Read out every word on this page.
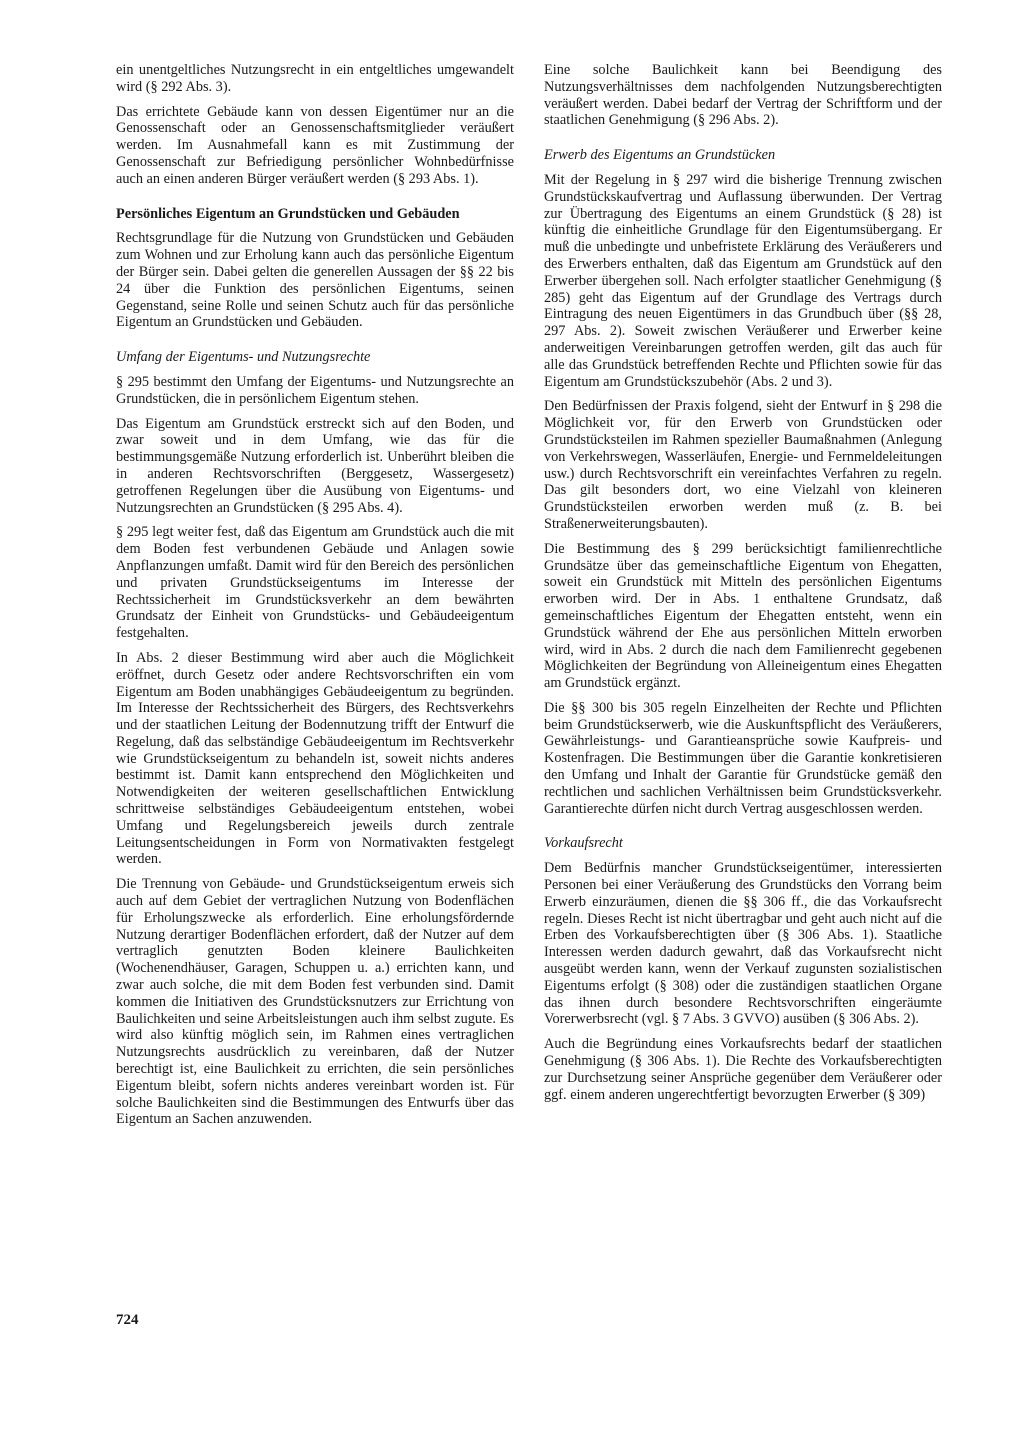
ein unentgeltliches Nutzungsrecht in ein entgeltliches umgewandelt wird (§ 292 Abs. 3).

Das errichtete Gebäude kann von dessen Eigentümer nur an die Genossenschaft oder an Genossenschaftsmitglieder veräußert werden. Im Ausnahmefall kann es mit Zustimmung der Genossenschaft zur Befriedigung persönlicher Wohnbedürfnisse auch an einen anderen Bürger veräußert werden (§ 293 Abs. 1).

Persönliches Eigentum an Grundstücken und Gebäuden

Rechtsgrundlage für die Nutzung von Grundstücken und Gebäuden zum Wohnen und zur Erholung kann auch das persönliche Eigentum der Bürger sein. Dabei gelten die generellen Aussagen der §§ 22 bis 24 über die Funktion des persönlichen Eigentums, seinen Gegenstand, seine Rolle und seinen Schutz auch für das persönliche Eigentum an Grundstücken und Gebäuden.

Umfang der Eigentums- und Nutzungsrechte

§ 295 bestimmt den Umfang der Eigentums- und Nutzungsrechte an Grundstücken, die in persönlichem Eigentum stehen.

Das Eigentum am Grundstück erstreckt sich auf den Boden, und zwar soweit und in dem Umfang, wie das für die bestimmungsgemäße Nutzung erforderlich ist. Unberührt bleiben die in anderen Rechtsvorschriften (Berggesetz, Wassergesetz) getroffenen Regelungen über die Ausübung von Eigentums- und Nutzungsrechten an Grundstücken (§ 295 Abs. 4).

§ 295 legt weiter fest, daß das Eigentum am Grundstück auch die mit dem Boden fest verbundenen Gebäude und Anlagen sowie Anpflanzungen umfaßt. Damit wird für den Bereich des persönlichen und privaten Grundstückseigentums im Interesse der Rechtssicherheit im Grundstücksverkehr an dem bewährten Grundsatz der Einheit von Grundstücks- und Gebäudeeigentum festgehalten.

In Abs. 2 dieser Bestimmung wird aber auch die Möglichkeit eröffnet, durch Gesetz oder andere Rechtsvorschriften ein vom Eigentum am Boden unabhängiges Gebäudeeigentum zu begründen. Im Interesse der Rechtssicherheit des Bürgers, des Rechtsverkehrs und der staatlichen Leitung der Bodennutzung trifft der Entwurf die Regelung, daß das selbständige Gebäudeeigentum im Rechtsverkehr wie Grundstückseigentum zu behandeln ist, soweit nichts anderes bestimmt ist. Damit kann entsprechend den Möglichkeiten und Notwendigkeiten der weiteren gesellschaftlichen Entwicklung schrittweise selbständiges Gebäudeeigentum entstehen, wobei Umfang und Regelungsbereich jeweils durch zentrale Leitungsentscheidungen in Form von Normativakten festgelegt werden.

Die Trennung von Gebäude- und Grundstückseigentum erweis sich auch auf dem Gebiet der vertraglichen Nutzung von Bodenflächen für Erholungszwecke als erforderlich. Eine erholungsfördernde Nutzung derartiger Bodenflächen erfordert, daß der Nutzer auf dem vertraglich genutzten Boden kleinere Baulichkeiten (Wochenendhäuser, Garagen, Schuppen u. a.) errichten kann, und zwar auch solche, die mit dem Boden fest verbunden sind. Damit kommen die Initiativen des Grundstücksnutzers zur Errichtung von Baulichkeiten und seine Arbeitsleistungen auch ihm selbst zugute. Es wird also künftig möglich sein, im Rahmen eines vertraglichen Nutzungsrechts ausdrücklich zu vereinbaren, daß der Nutzer berechtigt ist, eine Baulichkeit zu errichten, die sein persönliches Eigentum bleibt, sofern nichts anderes vereinbart worden ist. Für solche Baulichkeiten sind die Bestimmungen des Entwurfs über das Eigentum an Sachen anzuwenden.

Eine solche Baulichkeit kann bei Beendigung des Nutzungsverhältnisses dem nachfolgenden Nutzungsberechtigten veräußert werden. Dabei bedarf der Vertrag der Schriftform und der staatlichen Genehmigung (§ 296 Abs. 2).

Erwerb des Eigentums an Grundstücken

Mit der Regelung in § 297 wird die bisherige Trennung zwischen Grundstückskaufvertrag und Auflassung überwunden. Der Vertrag zur Übertragung des Eigentums an einem Grundstück (§ 28) ist künftig die einheitliche Grundlage für den Eigentumsübergang. Er muß die unbedingte und unbefristete Erklärung des Veräußerers und des Erwerbers enthalten, daß das Eigentum am Grundstück auf den Erwerber übergehen soll. Nach erfolgter staatlicher Genehmigung (§ 285) geht das Eigentum auf der Grundlage des Vertrags durch Eintragung des neuen Eigentümers in das Grundbuch über (§§ 28, 297 Abs. 2). Soweit zwischen Veräußerer und Erwerber keine anderweitigen Vereinbarungen getroffen werden, gilt das auch für alle das Grundstück betreffenden Rechte und Pflichten sowie für das Eigentum am Grundstückszubehör (Abs. 2 und 3).

Den Bedürfnissen der Praxis folgend, sieht der Entwurf in § 298 die Möglichkeit vor, für den Erwerb von Grundstücken oder Grundstücksteilen im Rahmen spezieller Baumaßnahmen (Anlegung von Verkehrswegen, Wasserläufen, Energie- und Fernmeldeleitungen usw.) durch Rechtsvorschrift ein vereinfachtes Verfahren zu regeln. Das gilt besonders dort, wo eine Vielzahl von kleineren Grundstücksteilen erworben werden muß (z. B. bei Straßenerweiterungsbauten).

Die Bestimmung des § 299 berücksichtigt familienrechtliche Grundsätze über das gemeinschaftliche Eigentum von Ehegatten, soweit ein Grundstück mit Mitteln des persönlichen Eigentums erworben wird. Der in Abs. 1 enthaltene Grundsatz, daß gemeinschaftliches Eigentum der Ehegatten entsteht, wenn ein Grundstück während der Ehe aus persönlichen Mitteln erworben wird, wird in Abs. 2 durch die nach dem Familienrecht gegebenen Möglichkeiten der Begründung von Alleineigentum eines Ehegatten am Grundstück ergänzt.

Die §§ 300 bis 305 regeln Einzelheiten der Rechte und Pflichten beim Grundstückserwerb, wie die Auskunftspflicht des Veräußerers, Gewährleistungs- und Garantieansprüche sowie Kaufpreis- und Kostenfragen. Die Bestimmungen über die Garantie konkretisieren den Umfang und Inhalt der Garantie für Grundstücke gemäß den rechtlichen und sachlichen Verhältnissen beim Grundstücksverkehr. Garantierechte dürfen nicht durch Vertrag ausgeschlossen werden.

Vorkaufsrecht

Dem Bedürfnis mancher Grundstückseigentümer, interessierten Personen bei einer Veräußerung des Grundstücks den Vorrang beim Erwerb einzuräumen, dienen die §§ 306 ff., die das Vorkaufsrecht regeln. Dieses Recht ist nicht übertragbar und geht auch nicht auf die Erben des Vorkaufsberechtigten über (§ 306 Abs. 1). Staatliche Interessen werden dadurch gewahrt, daß das Vorkaufsrecht nicht ausgeübt werden kann, wenn der Verkauf zugunsten sozialistischen Eigentums erfolgt (§ 308) oder die zuständigen staatlichen Organe das ihnen durch besondere Rechtsvorschriften eingeräumte Vorerwerbsrecht (vgl. § 7 Abs. 3 GVVO) ausüben (§ 306 Abs. 2).

Auch die Begründung eines Vorkaufsrechts bedarf der staatlichen Genehmigung (§ 306 Abs. 1). Die Rechte des Vorkaufsberechtigten zur Durchsetzung seiner Ansprüche gegenüber dem Veräußerer oder ggf. einem anderen ungerechtfertigt bevorzugten Erwerber (§ 309)

724
